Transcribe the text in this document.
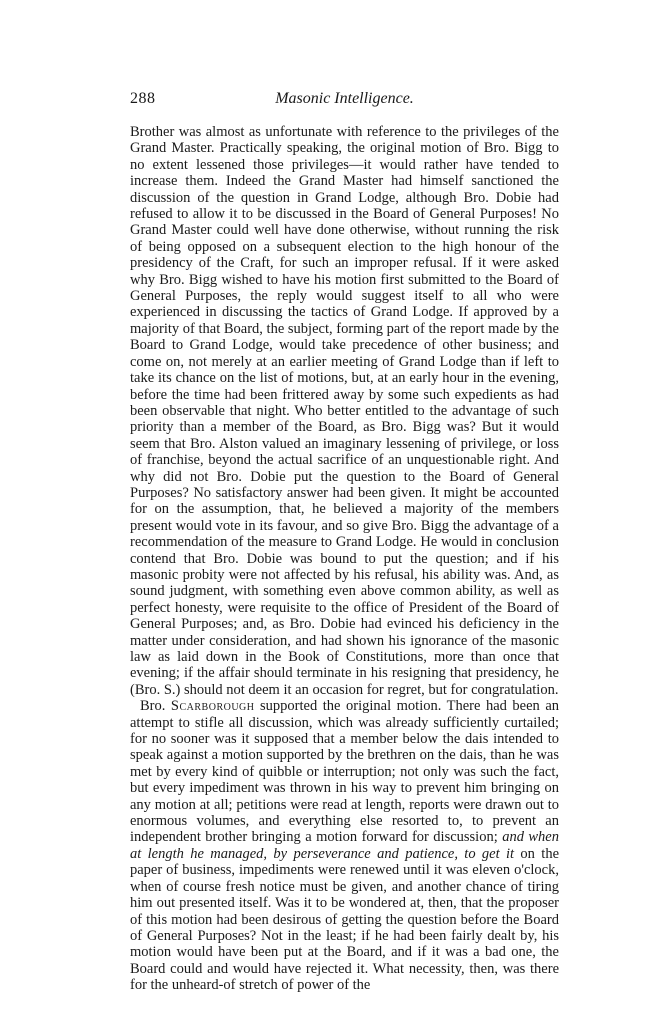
288	Masonic Intelligence.

Brother was almost as unfortunate with reference to the privileges of the Grand Master. Practically speaking, the original motion of Bro. Bigg to no extent lessened those privileges—it would rather have tended to increase them. Indeed the Grand Master had himself sanctioned the discussion of the question in Grand Lodge, although Bro. Dobie had refused to allow it to be discussed in the Board of General Purposes! No Grand Master could well have done otherwise, without running the risk of being opposed on a subsequent election to the high honour of the presidency of the Craft, for such an improper refusal. If it were asked why Bro. Bigg wished to have his motion first submitted to the Board of General Purposes, the reply would suggest itself to all who were experienced in discussing the tactics of Grand Lodge. If approved by a majority of that Board, the subject, forming part of the report made by the Board to Grand Lodge, would take precedence of other business; and come on, not merely at an earlier meeting of Grand Lodge than if left to take its chance on the list of motions, but, at an early hour in the evening, before the time had been frittered away by some such expedients as had been observable that night. Who better entitled to the advantage of such priority than a member of the Board, as Bro. Bigg was? But it would seem that Bro. Alston valued an imaginary lessening of privilege, or loss of franchise, beyond the actual sacrifice of an unquestionable right. And why did not Bro. Dobie put the question to the Board of General Purposes? No satisfactory answer had been given. It might be accounted for on the assumption, that, he believed a majority of the members present would vote in its favour, and so give Bro. Bigg the advantage of a recommendation of the measure to Grand Lodge. He would in conclusion contend that Bro. Dobie was bound to put the question; and if his masonic probity were not affected by his refusal, his ability was. And, as sound judgment, with something even above common ability, as well as perfect honesty, were requisite to the office of President of the Board of General Purposes; and, as Bro. Dobie had evinced his deficiency in the matter under consideration, and had shown his ignorance of the masonic law as laid down in the Book of Constitutions, more than once that evening; if the affair should terminate in his resigning that presidency, he (Bro. S.) should not deem it an occasion for regret, but for congratulation.

Bro. Scarborough supported the original motion. There had been an attempt to stifle all discussion, which was already sufficiently curtailed; for no sooner was it supposed that a member below the dais intended to speak against a motion supported by the brethren on the dais, than he was met by every kind of quibble or interruption; not only was such the fact, but every impediment was thrown in his way to prevent him bringing on any motion at all; petitions were read at length, reports were drawn out to enormous volumes, and everything else resorted to, to prevent an independent brother bringing a motion forward for discussion; and when at length he managed, by perseverance and patience, to get it on the paper of business, impediments were renewed until it was eleven o'clock, when of course fresh notice must be given, and another chance of tiring him out presented itself. Was it to be wondered at, then, that the proposer of this motion had been desirous of getting the question before the Board of General Purposes? Not in the least; if he had been fairly dealt by, his motion would have been put at the Board, and if it was a bad one, the Board could and would have rejected it. What necessity, then, was there for the unheard-of stretch of power of the
